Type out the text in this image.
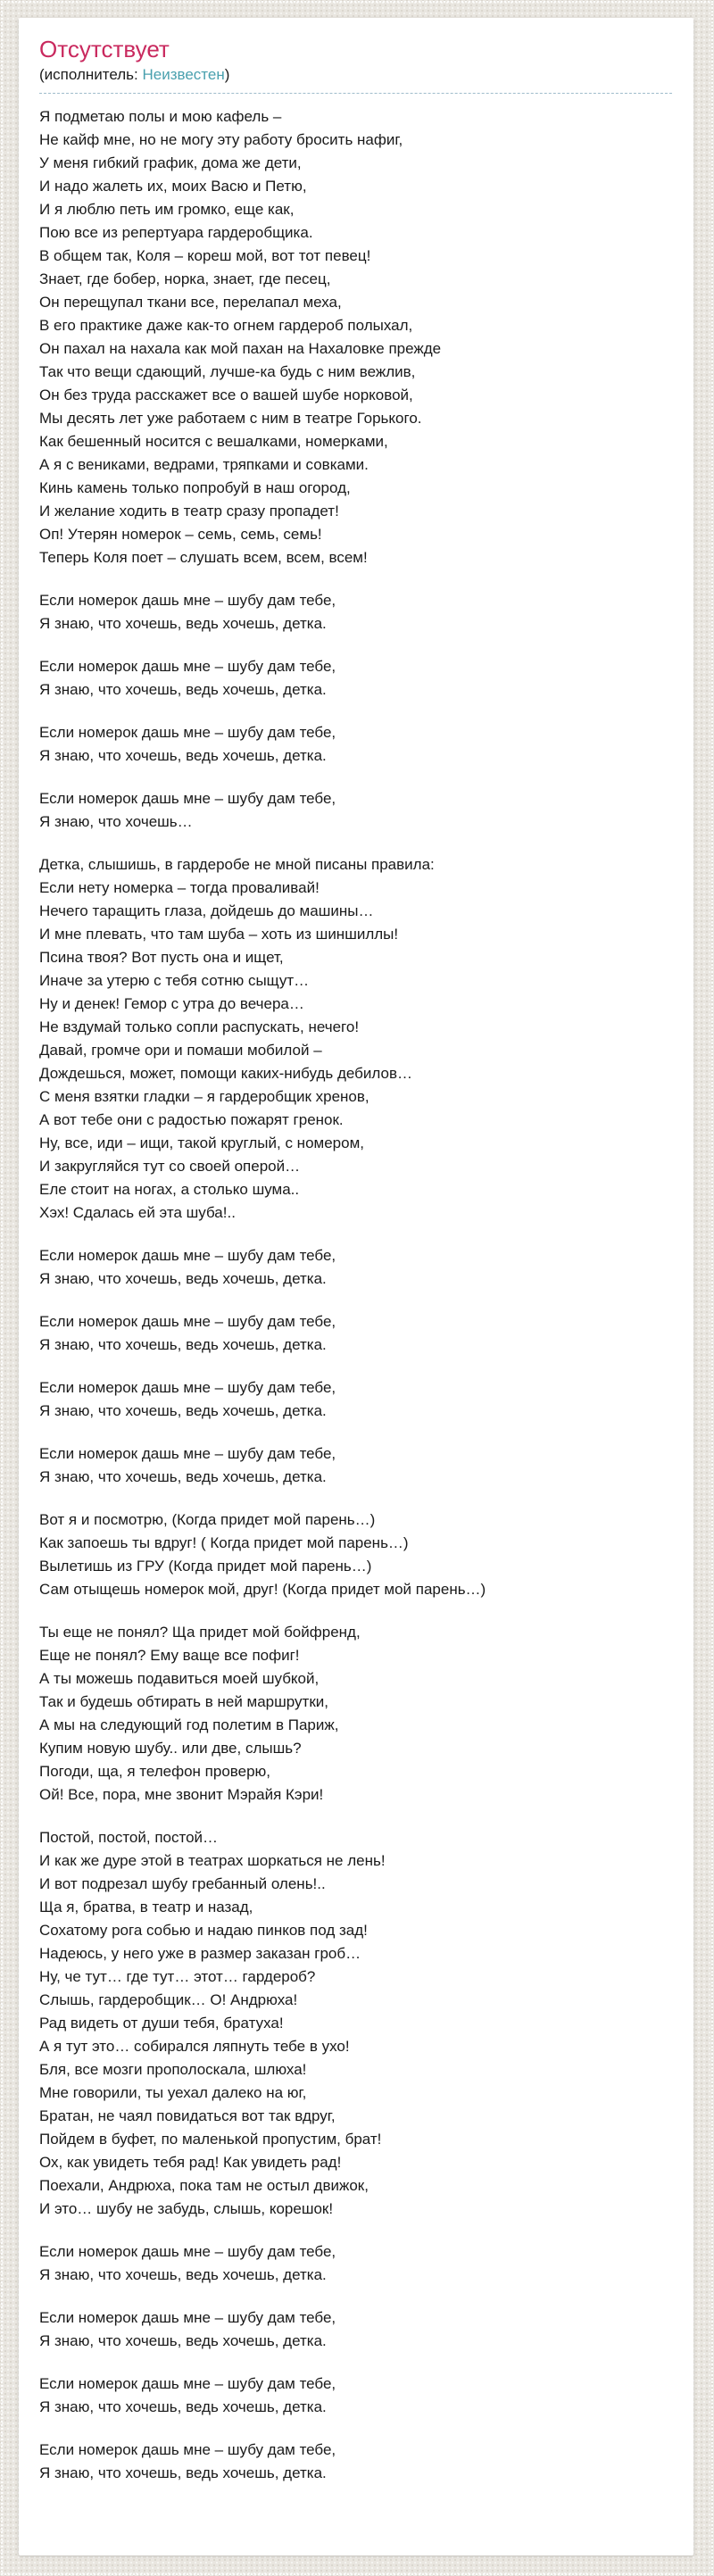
Отсутствует
(исполнитель: Неизвестен)

Я подметаю полы и мою кафель –
Не кайф мне, но не могу эту работу бросить нафиг,
У меня гибкий график, дома же дети,
И надо жалеть их, моих Васю и Петю,
И я люблю петь им громко, еще как,
Пою все из репертуара гардеробщика.
В общем так, Коля – кореш мой, вот тот певец!
Знает, где бобер, норка, знает, где песец,
Он перещупал ткани все, перелапал меха,
В его практике даже как-то огнем гардероб полыхал,
Он пахал на нахала как мой пахан на Нахаловке прежде
Так что вещи сдающий, лучше-ка будь с ним вежлив,
Он без труда расскажет все о вашей шубе норковой,
Мы десять лет уже работаем с ним в театре Горького.
Как бешенный носится с вешалками, номерками,
А я с вениками, ведрами, тряпками и совками.
Кинь камень только попробуй в наш огород,
И желание ходить в театр сразу пропадет!
Оп! Утерян номерок – семь, семь, семь!
Теперь Коля поет – слушать всем, всем, всем!

Если номерок дашь мне – шубу дам тебе,
Я знаю, что хочешь, ведь хочешь, детка.

Если номерок дашь мне – шубу дам тебе,
Я знаю, что хочешь, ведь хочешь, детка.

Если номерок дашь мне – шубу дам тебе,
Я знаю, что хочешь, ведь хочешь, детка.

Если номерок дашь мне – шубу дам тебе,
Я знаю, что хочешь…

Детка, слышишь, в гардеробе не мной писаны правила:
Если нету номерка – тогда проваливай!
Нечего таращить глаза, дойдешь до машины…
И мне плевать, что там шуба – хоть из шиншиллы!
Псина твоя? Вот пусть она и ищет,
Иначе за утерю с тебя сотню сыщут…
Ну и денек! Гемор с утра до вечера…
Не вздумай только сопли распускать, нечего!
Давай, громче ори и помаши мобилой –
Дождешься, может, помощи каких-нибудь дебилов…
С меня взятки гладки – я гардеробщик хренов,
А вот тебе они с радостью пожарят гренок.
Ну, все, иди – ищи, такой круглый, с номером,
И закругляйся тут со своей оперой…
Еле стоит на ногах, а столько шума..
Хэх! Сдалась ей эта шуба!..

Если номерок дашь мне – шубу дам тебе,
Я знаю, что хочешь, ведь хочешь, детка.

Если номерок дашь мне – шубу дам тебе,
Я знаю, что хочешь, ведь хочешь, детка.

Если номерок дашь мне – шубу дам тебе,
Я знаю, что хочешь, ведь хочешь, детка.

Если номерок дашь мне – шубу дам тебе,
Я знаю, что хочешь, ведь хочешь, детка.

Вот я и посмотрю, (Когда придет мой парень…)
Как запоешь ты вдруг! ( Когда придет мой парень…)
Вылетишь из ГРУ (Когда придет мой парень…)
Сам отыщешь номерок мой, друг! (Когда придет мой парень…)

Ты еще не понял? Ща придет мой бойфренд,
Еще не понял? Ему ваще все пофиг!
А ты можешь подавиться моей шубкой,
Так и будешь обтирать в ней маршрутки,
А мы на следующий год полетим в Париж,
Купим новую шубу.. или две, слышь?
Погоди, ща, я телефон проверю,
Ой! Все, пора, мне звонит Мэрайя Кэри!

Постой, постой, постой…
И как же дуре этой в театрах шоркаться не лень!
И вот подрезал шубу гребанный олень!..
Ща я, братва, в театр и назад,
Сохатому рога собью и надаю пинков под зад!
Надеюсь, у него уже в размер заказан гроб…
Ну, че тут… где тут… этот… гардероб?
Слышь, гардеробщик… О! Андрюха!
Рад видеть от души тебя, братуха!
А я тут это… собирался ляпнуть тебе в ухо!
Бля, все мозги прополоскала, шлюха!
Мне говорили, ты уехал далеко на юг,
Братан, не чаял повидаться вот так вдруг,
Пойдем в буфет, по маленькой пропустим, брат!
Ох, как увидеть тебя рад! Как увидеть рад!
Поехали, Андрюха, пока там не остыл движок,
И это… шубу не забудь, слышь, корешок!

Если номерок дашь мне – шубу дам тебе,
Я знаю, что хочешь, ведь хочешь, детка.

Если номерок дашь мне – шубу дам тебе,
Я знаю, что хочешь, ведь хочешь, детка.

Если номерок дашь мне – шубу дам тебе,
Я знаю, что хочешь, ведь хочешь, детка.

Если номерок дашь мне – шубу дам тебе,
Я знаю, что хочешь, ведь хочешь, детка.
